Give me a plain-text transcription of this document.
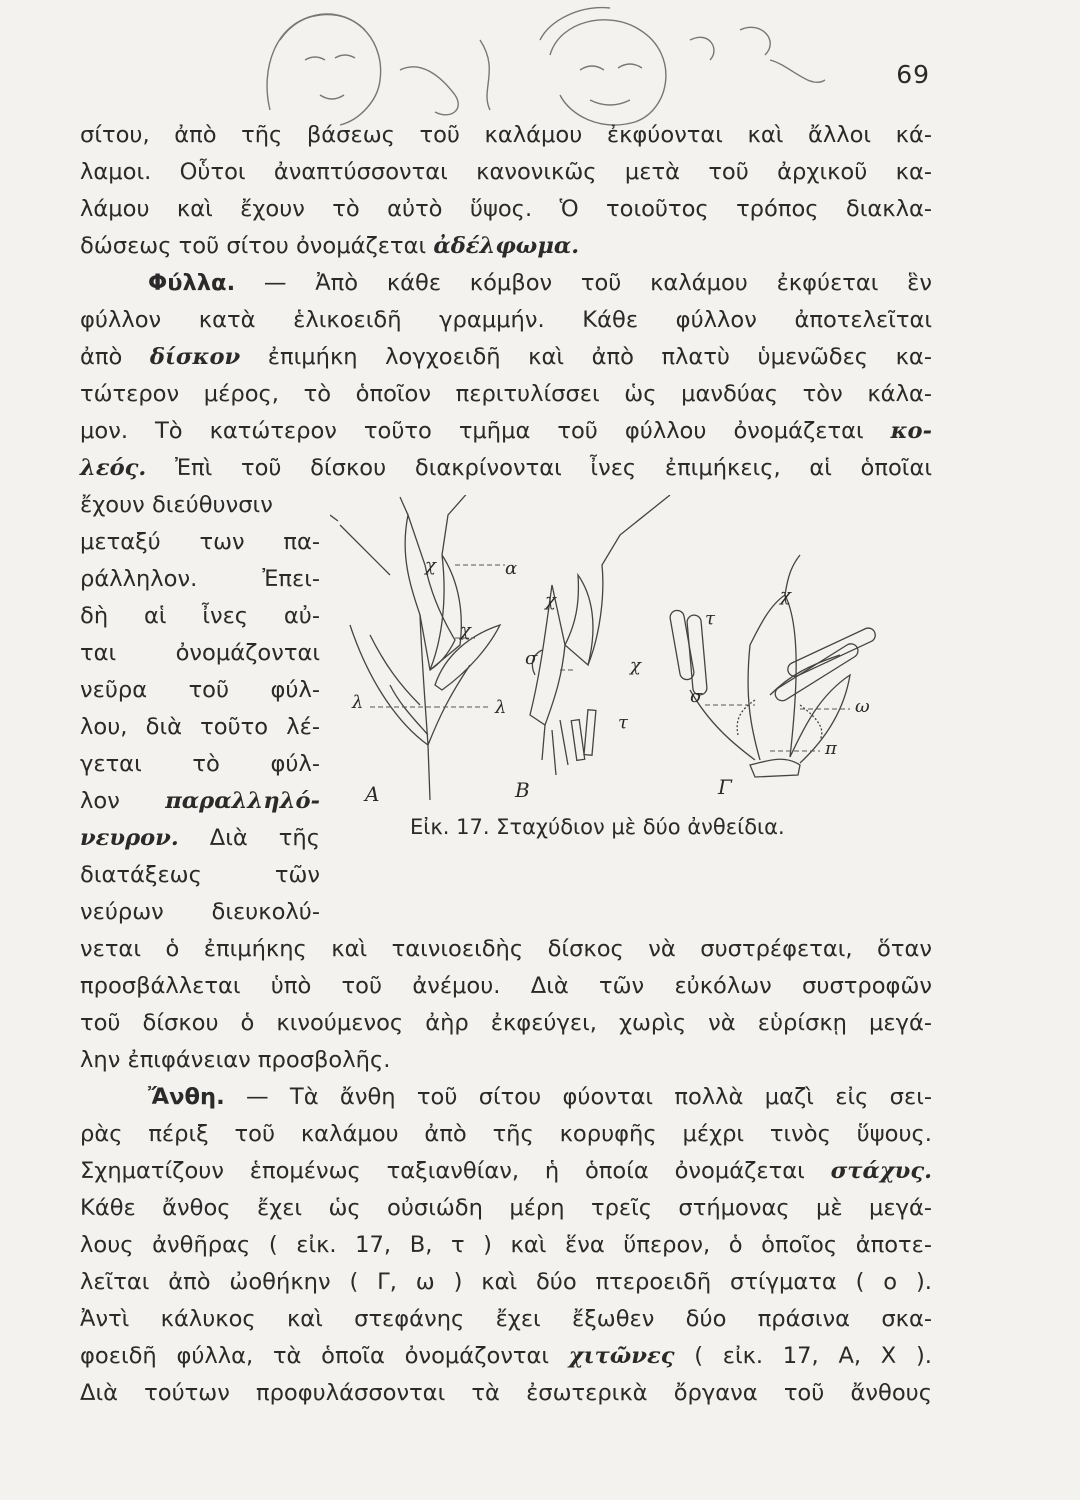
69
σίτου, ἀπὸ τῆς βάσεως τοῦ καλάμου ἐκφύονται καὶ ἄλλοι κά-
λαμοι. Οὗτοι ἀναπτύσσονται κανονικῶς μετὰ τοῦ ἀρχικοῦ κα-
λάμου καὶ ἔχουν τὸ αὐτὸ ὕψος. Ὁ τοιοῦτος τρόπος διακλα-
δώσεως τοῦ σίτου ὀνομάζεται ἀδέλφωμα.
Φύλλα. — Ἀπὸ κάθε κόμβον τοῦ καλάμου ἐκφύεται ἓν
φύλλον κατὰ ἑλικοειδῆ γραμμήν. Κάθε φύλλον ἀποτελεῖται
ἀπὸ δίσκον ἐπιμήκη λογχοειδῆ καὶ ἀπὸ πλατὺ ὑμενῶδες κα-
τώτερον μέρος, τὸ ὁποῖον περιτυλίσσει ὡς μανδύας τὸν κάλα-
μον. Τὸ κατώτερον τοῦτο τμῆμα τοῦ φύλλου ὀνομάζεται κο-
λεός. Ἐπὶ τοῦ δίσκου διακρίνονται ἶνες ἐπιμήκεις, αἱ ὁποῖαι
ἔχουν διεύθυνσιν
μεταξύ των πα-
ράλληλον. Ἐπει-
δὴ αἱ ἶνες αὐ-
ται ὀνομάζονται
νεῦρα τοῦ φύλ-
λου, διὰ τοῦτο λέ-
γεται τὸ φύλ-
λον παραλληλό-
νευρον. Διὰ τῆς
διατάξεως τῶν
νεύρων διευκολύ-
νεται ὁ ἐπιμήκης καὶ ταινιοειδὴς δίσκος νὰ συστρέφεται, ὅταν
προσβάλλεται ὑπὸ τοῦ ἀνέμου. Διὰ τῶν εὐκόλων συστροφῶν
τοῦ δίσκου ὁ κινούμενος ἀὴρ ἐκφεύγει, χωρὶς νὰ εὑρίσκῃ μεγά-
λην ἐπιφάνειαν προσβολῆς.
χ	α
χ
λ	λ
χ
σ	χ
τ
χ
τ
σ	ω
π
Α	Β	Γ
Εἰκ. 17. Σταχύδιον μὲ δύο ἀνθείδια.
Ἄνθη. — Τὰ ἄνθη τοῦ σίτου φύονται πολλὰ μαζὶ εἰς σει-
ρὰς πέριξ τοῦ καλάμου ἀπὸ τῆς κορυφῆς μέχρι τινὸς ὕψους.
Σχηματίζουν ἑπομένως ταξιανθίαν, ἡ ὁποία ὀνομάζεται στάχυς.
Κάθε ἄνθος ἔχει ὡς οὐσιώδη μέρη τρεῖς στήμονας μὲ μεγά-
λους ἀνθῆρας ( εἰκ. 17, Β, τ ) καὶ ἕνα ὕπερον, ὁ ὁποῖος ἀποτε-
λεῖται ἀπὸ ὠοθήκην ( Γ, ω ) καὶ δύο πτεροειδῆ στίγματα ( ο ).
Ἀντὶ κάλυκος καὶ στεφάνης ἔχει ἔξωθεν δύο πράσινα σκα-
φοειδῆ φύλλα, τὰ ὁποῖα ὀνομάζονται χιτῶνες ( εἰκ. 17, Α, Χ ).
Διὰ τούτων προφυλάσσονται τὰ ἐσωτερικὰ ὄργανα τοῦ ἄνθους
